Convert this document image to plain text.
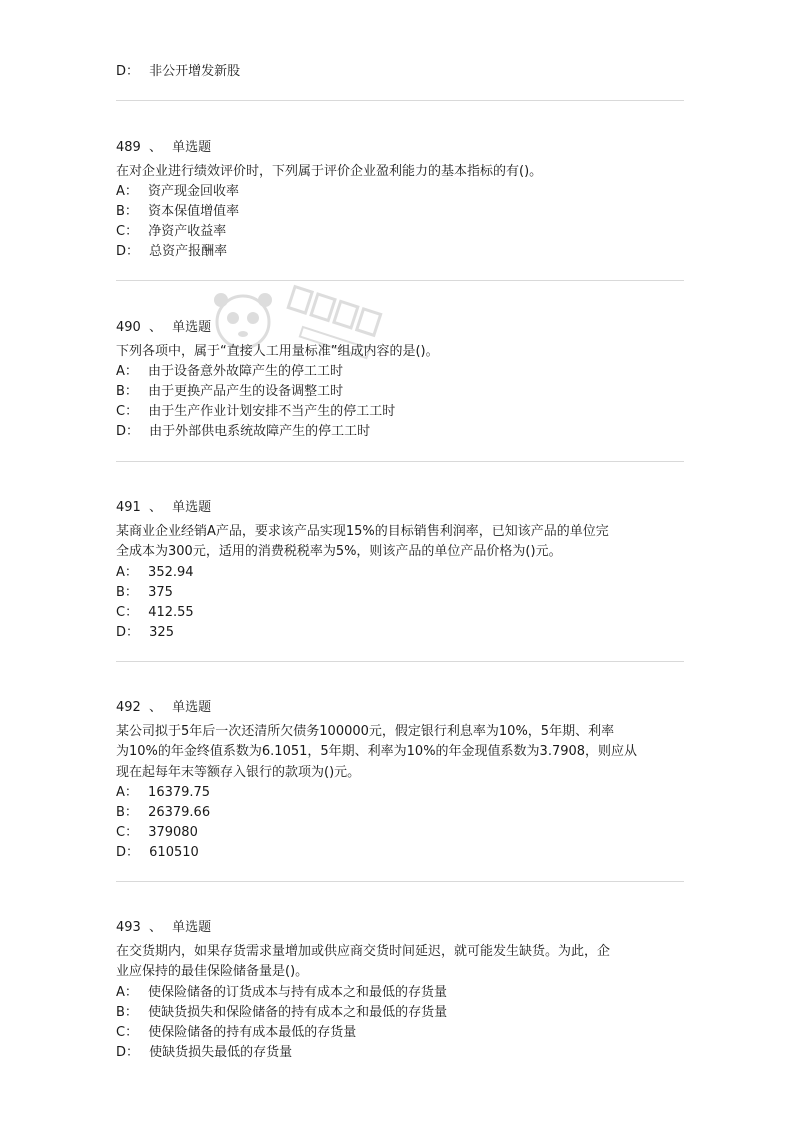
D： 非公开增发新股
489 、 单选题
在对企业进行绩效评价时，下列属于评价企业盈利能力的基本指标的有()。
A： 资产现金回收率
B： 资本保值增值率
C： 净资产收益率
D： 总资产报酬率
490 、 单选题
下列各项中，属于“直接人工用量标准”组成内容的是()。
A： 由于设备意外故障产生的停工工时
B： 由于更换产品产生的设备调整工时
C： 由于生产作业计划安排不当产生的停工工时
D： 由于外部供电系统故障产生的停工工时
491 、 单选题
某商业企业经销A产品，要求该产品实现15%的目标销售利润率，已知该产品的单位完
全成本为300元，适用的消费税税率为5%，则该产品的单位产品价格为()元。
A： 352.94
B： 375
C： 412.55
D： 325
492 、 单选题
某公司拟于5年后一次还清所欠债务100000元，假定银行利息率为10%，5年期、利率
为10%的年金终值系数为6.1051，5年期、利率为10%的年金现值系数为3.7908，则应从
现在起每年末等额存入银行的款项为()元。
A： 16379.75
B： 26379.66
C： 379080
D： 610510
493 、 单选题
在交货期内，如果存货需求量增加或供应商交货时间延迟，就可能发生缺货。为此，企
业应保持的最佳保险储备量是()。
A： 使保险储备的订货成本与持有成本之和最低的存货量
B： 使缺货损失和保险储备的持有成本之和最低的存货量
C： 使保险储备的持有成本最低的存货量
D： 使缺货损失最低的存货量
